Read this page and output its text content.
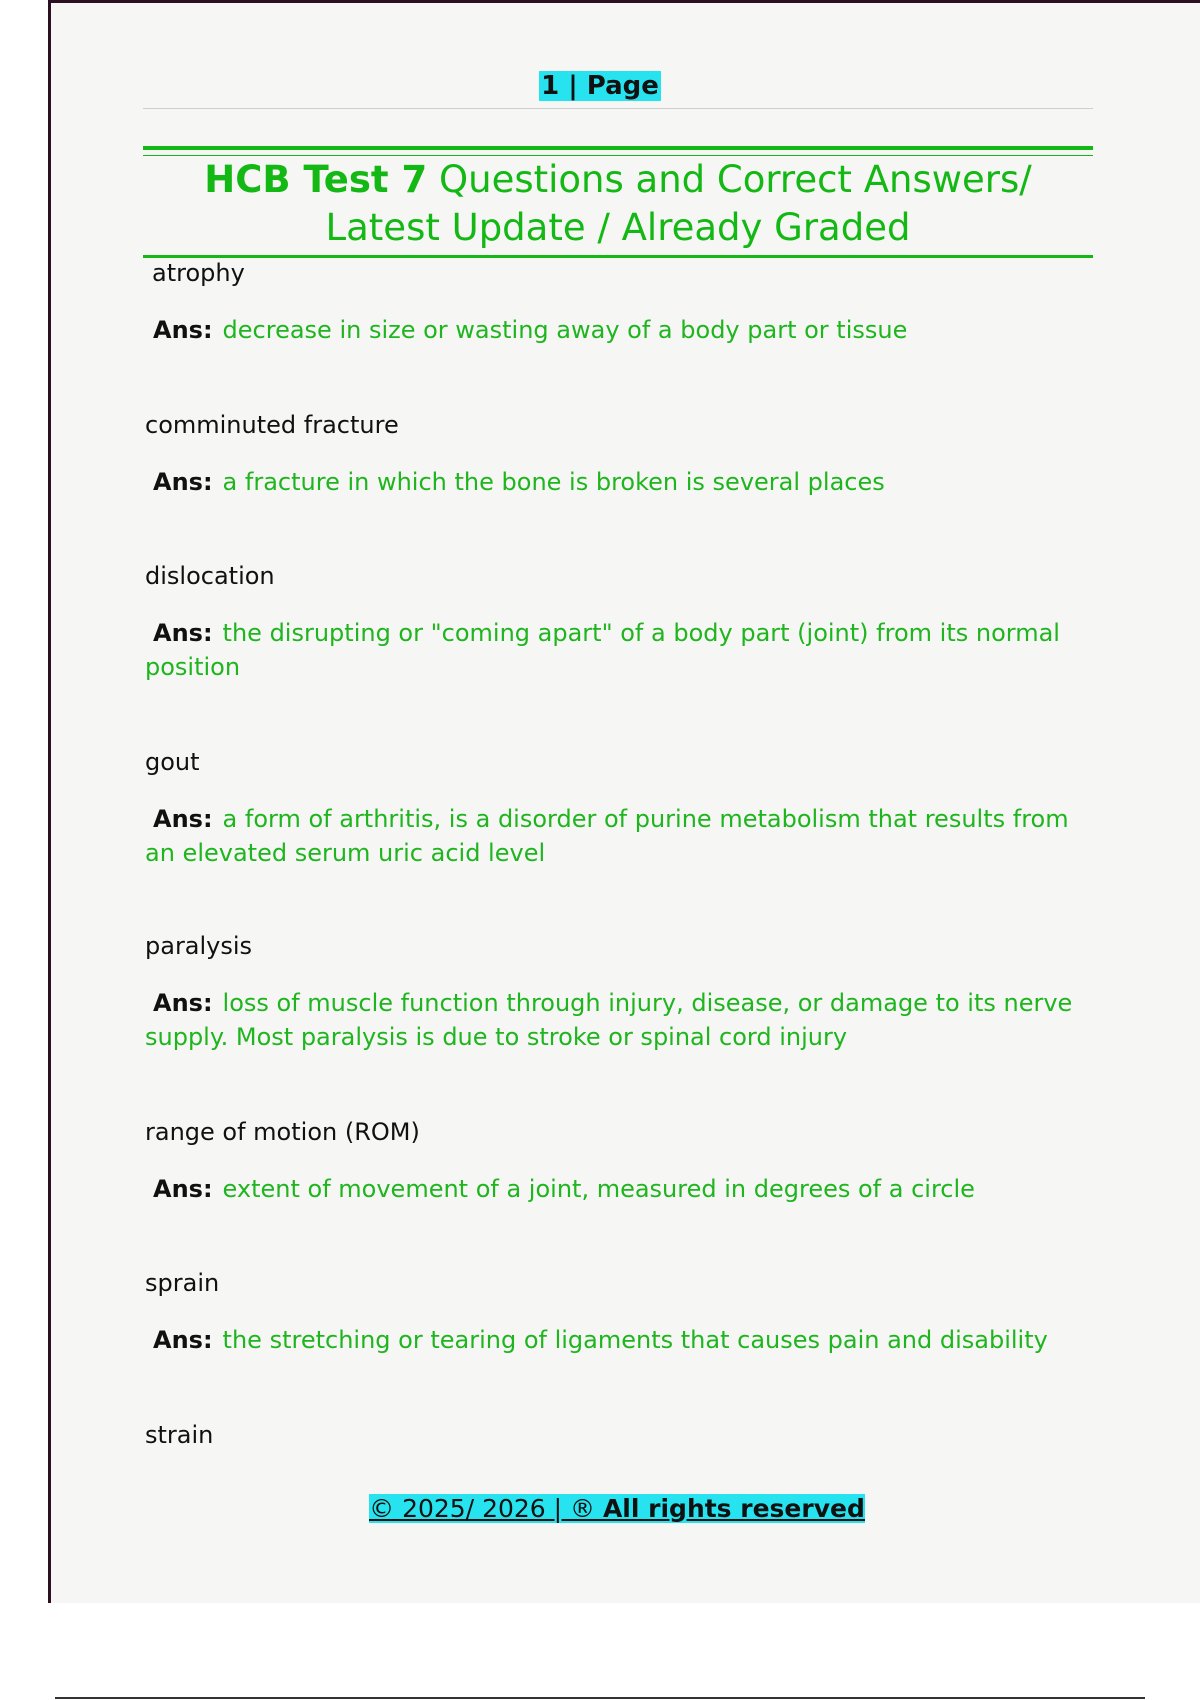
1 | Page
HCB Test 7 Questions and Correct Answers/ Latest Update / Already Graded

atrophy

Ans: decrease in size or wasting away of a body part or tissue

comminuted fracture

Ans: a fracture in which the bone is broken is several places

dislocation

Ans: the disrupting or "coming apart" of a body part (joint) from its normal position

gout

Ans: a form of arthritis, is a disorder of purine metabolism that results from an elevated serum uric acid level

paralysis

Ans: loss of muscle function through injury, disease, or damage to its nerve supply. Most paralysis is due to stroke or spinal cord injury

range of motion (ROM)

Ans: extent of movement of a joint, measured in degrees of a circle

sprain

Ans: the stretching or tearing of ligaments that causes pain and disability

strain

© 2025/ 2026 | ® All rights reserved
